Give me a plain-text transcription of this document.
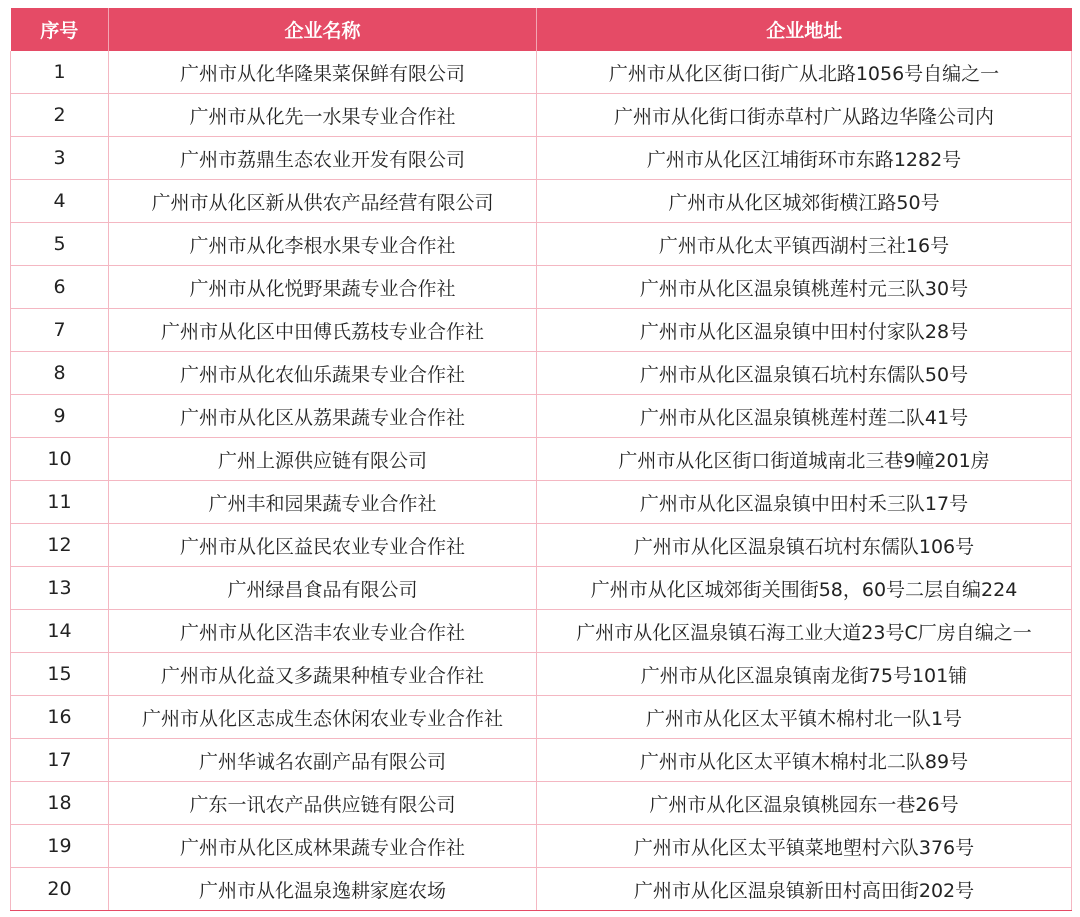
序号	企业名称	企业地址
1	广州市从化华隆果菜保鲜有限公司	广州市从化区街口街广从北路1056号自编之一
2	广州市从化先一水果专业合作社	广州市从化街口街赤草村广从路边华隆公司内
3	广州市荔鼎生态农业开发有限公司	广州市从化区江埔街环市东路1282号
4	广州市从化区新从供农产品经营有限公司	广州市从化区城郊街横江路50号
5	广州市从化李根水果专业合作社	广州市从化太平镇西湖村三社16号
6	广州市从化悦野果蔬专业合作社	广州市从化区温泉镇桃莲村元三队30号
7	广州市从化区中田傅氏荔枝专业合作社	广州市从化区温泉镇中田村付家队28号
8	广州市从化农仙乐蔬果专业合作社	广州市从化区温泉镇石坑村东儒队50号
9	广州市从化区从荔果蔬专业合作社	广州市从化区温泉镇桃莲村莲二队41号
10	广州上源供应链有限公司	广州市从化区街口街道城南北三巷9幢201房
11	广州丰和园果蔬专业合作社	广州市从化区温泉镇中田村禾三队17号
12	广州市从化区益民农业专业合作社	广州市从化区温泉镇石坑村东儒队106号
13	广州绿昌食品有限公司	广州市从化区城郊街关围街58，60号二层自编224
14	广州市从化区浩丰农业专业合作社	广州市从化区温泉镇石海工业大道23号C厂房自编之一
15	广州市从化益又多蔬果种植专业合作社	广州市从化区温泉镇南龙街75号101铺
16	广州市从化区志成生态休闲农业专业合作社	广州市从化区太平镇木棉村北一队1号
17	广州华诚名农副产品有限公司	广州市从化区太平镇木棉村北二队89号
18	广东一讯农产品供应链有限公司	广州市从化区温泉镇桃园东一巷26号
19	广州市从化区成林果蔬专业合作社	广州市从化区太平镇菜地塱村六队376号
20	广州市从化温泉逸耕家庭农场	广州市从化区温泉镇新田村高田街202号
